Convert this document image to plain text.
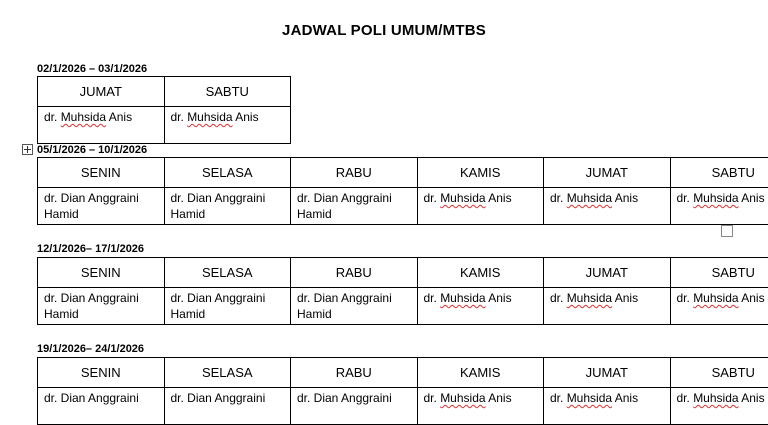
JADWAL POLI UMUM/MTBS
02/1/2026 – 03/1/2026
JUMAT	SABTU
dr. Muhsida Anis	dr. Muhsida Anis
05/1/2026 – 10/1/2026
SENIN	SELASA	RABU	KAMIS	JUMAT	SABTU
dr. Dian Anggraini Hamid	dr. Dian Anggraini Hamid	dr. Dian Anggraini Hamid	dr. Muhsida Anis	dr. Muhsida Anis	dr. Muhsida Anis
12/1/2026– 17/1/2026
SENIN	SELASA	RABU	KAMIS	JUMAT	SABTU
dr. Dian Anggraini Hamid	dr. Dian Anggraini Hamid	dr. Dian Anggraini Hamid	dr. Muhsida Anis	dr. Muhsida Anis	dr. Muhsida Anis
19/1/2026– 24/1/2026
SENIN	SELASA	RABU	KAMIS	JUMAT	SABTU
dr. Dian Anggraini	dr. Dian Anggraini	dr. Dian Anggraini	dr. Muhsida Anis	dr. Muhsida Anis	dr. Muhsida Anis
